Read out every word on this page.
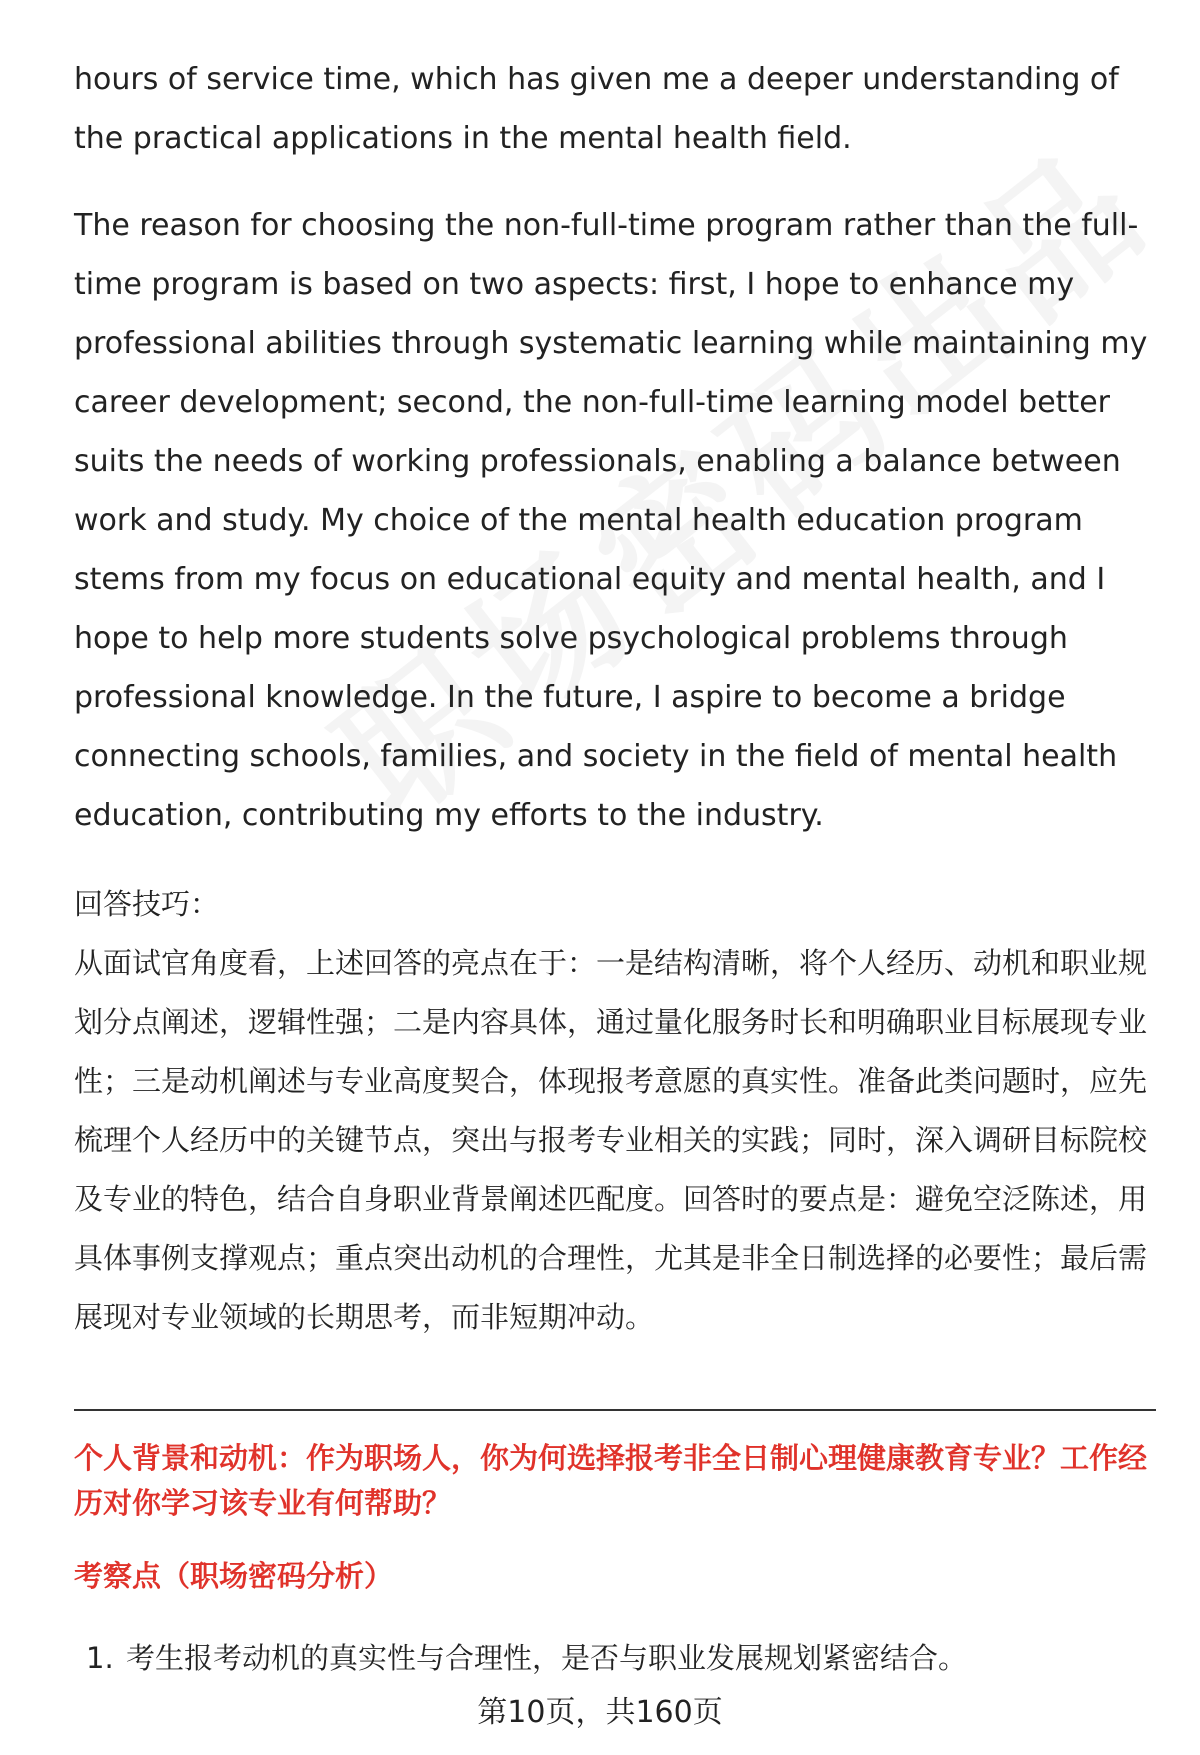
hours of service time, which has given me a deeper understanding of the practical applications in the mental health field.

The reason for choosing the non-full-time program rather than the full-time program is based on two aspects: first, I hope to enhance my professional abilities through systematic learning while maintaining my career development; second, the non-full-time learning model better suits the needs of working professionals, enabling a balance between work and study. My choice of the mental health education program stems from my focus on educational equity and mental health, and I hope to help more students solve psychological problems through professional knowledge. In the future, I aspire to become a bridge connecting schools, families, and society in the field of mental health education, contributing my efforts to the industry.

回答技巧：

从面试官角度看，上述回答的亮点在于：一是结构清晰，将个人经历、动机和职业规划分点阐述，逻辑性强；二是内容具体，通过量化服务时长和明确职业目标展现专业性；三是动机阐述与专业高度契合，体现报考意愿的真实性。准备此类问题时，应先梳理个人经历中的关键节点，突出与报考专业相关的实践；同时，深入调研目标院校及专业的特色，结合自身职业背景阐述匹配度。回答时的要点是：避免空泛陈述，用具体事例支撑观点；重点突出动机的合理性，尤其是非全日制选择的必要性；最后需展现对专业领域的长期思考，而非短期冲动。

个人背景和动机：作为职场人，你为何选择报考非全日制心理健康教育专业？工作经历对你学习该专业有何帮助？

考察点（职场密码分析）

1. 考生报考动机的真实性与合理性，是否与职业发展规划紧密结合。

第10页，共160页
